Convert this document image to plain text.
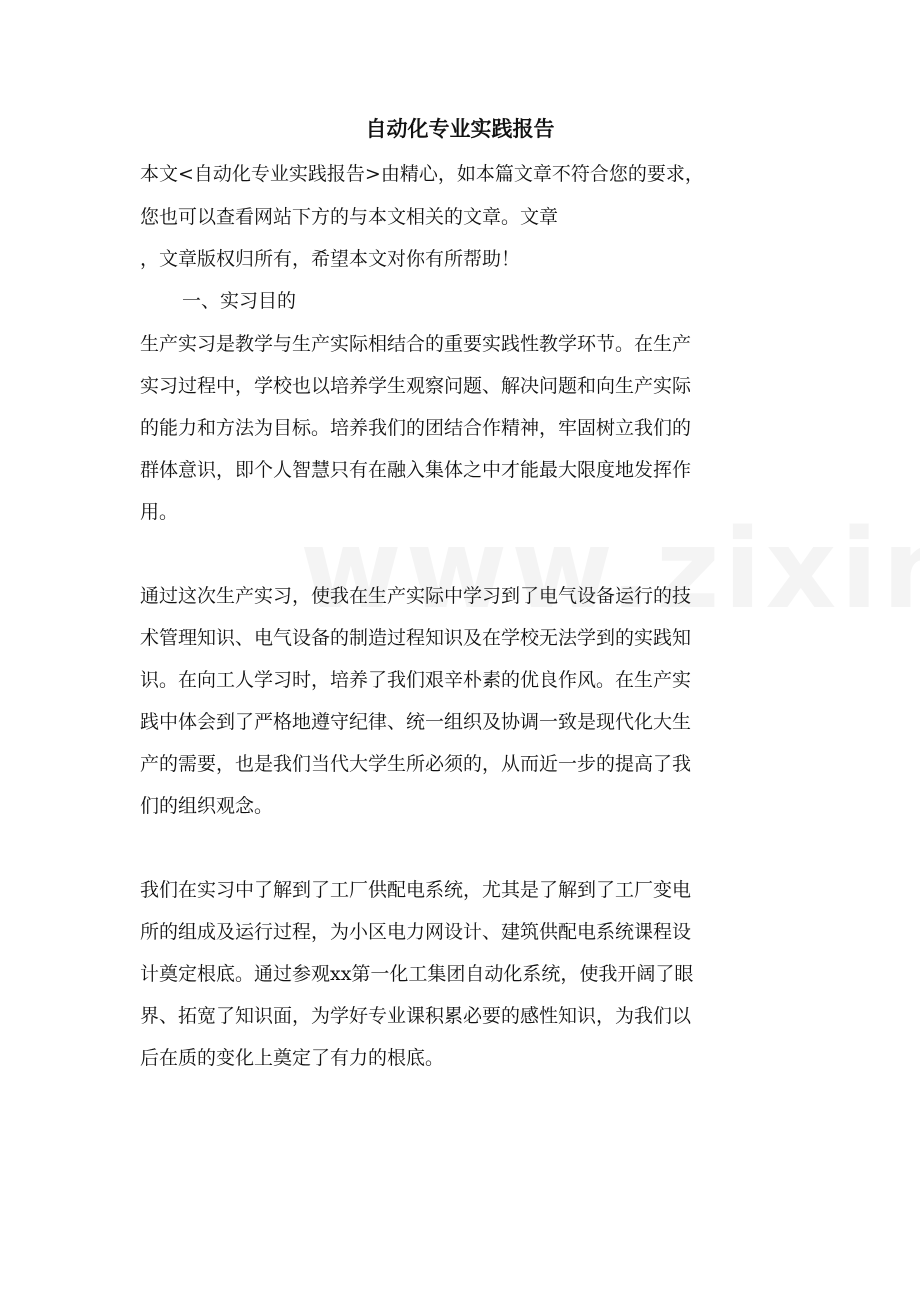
自动化专业实践报告
本文<自动化专业实践报告>由精心，如本篇文章不符合您的要求，
您也可以查看网站下方的与本文相关的文章。文章
，文章版权归所有，希望本文对你有所帮助！
一、实习目的
生产实习是教学与生产实际相结合的重要实践性教学环节。在生产
实习过程中，学校也以培养学生观察问题、解决问题和向生产实际
的能力和方法为目标。培养我们的团结合作精神，牢固树立我们的
群体意识，即个人智慧只有在融入集体之中才能最大限度地发挥作
用。
通过这次生产实习，使我在生产实际中学习到了电气设备运行的技
术管理知识、电气设备的制造过程知识及在学校无法学到的实践知
识。在向工人学习时，培养了我们艰辛朴素的优良作风。在生产实
践中体会到了严格地遵守纪律、统一组织及协调一致是现代化大生
产的需要，也是我们当代大学生所必须的，从而近一步的提高了我
们的组织观念。
我们在实习中了解到了工厂供配电系统，尤其是了解到了工厂变电
所的组成及运行过程，为小区电力网设计、建筑供配电系统课程设
计奠定根底。通过参观xx第一化工集团自动化系统，使我开阔了眼
界、拓宽了知识面，为学好专业课积累必要的感性知识，为我们以
后在质的变化上奠定了有力的根底。
